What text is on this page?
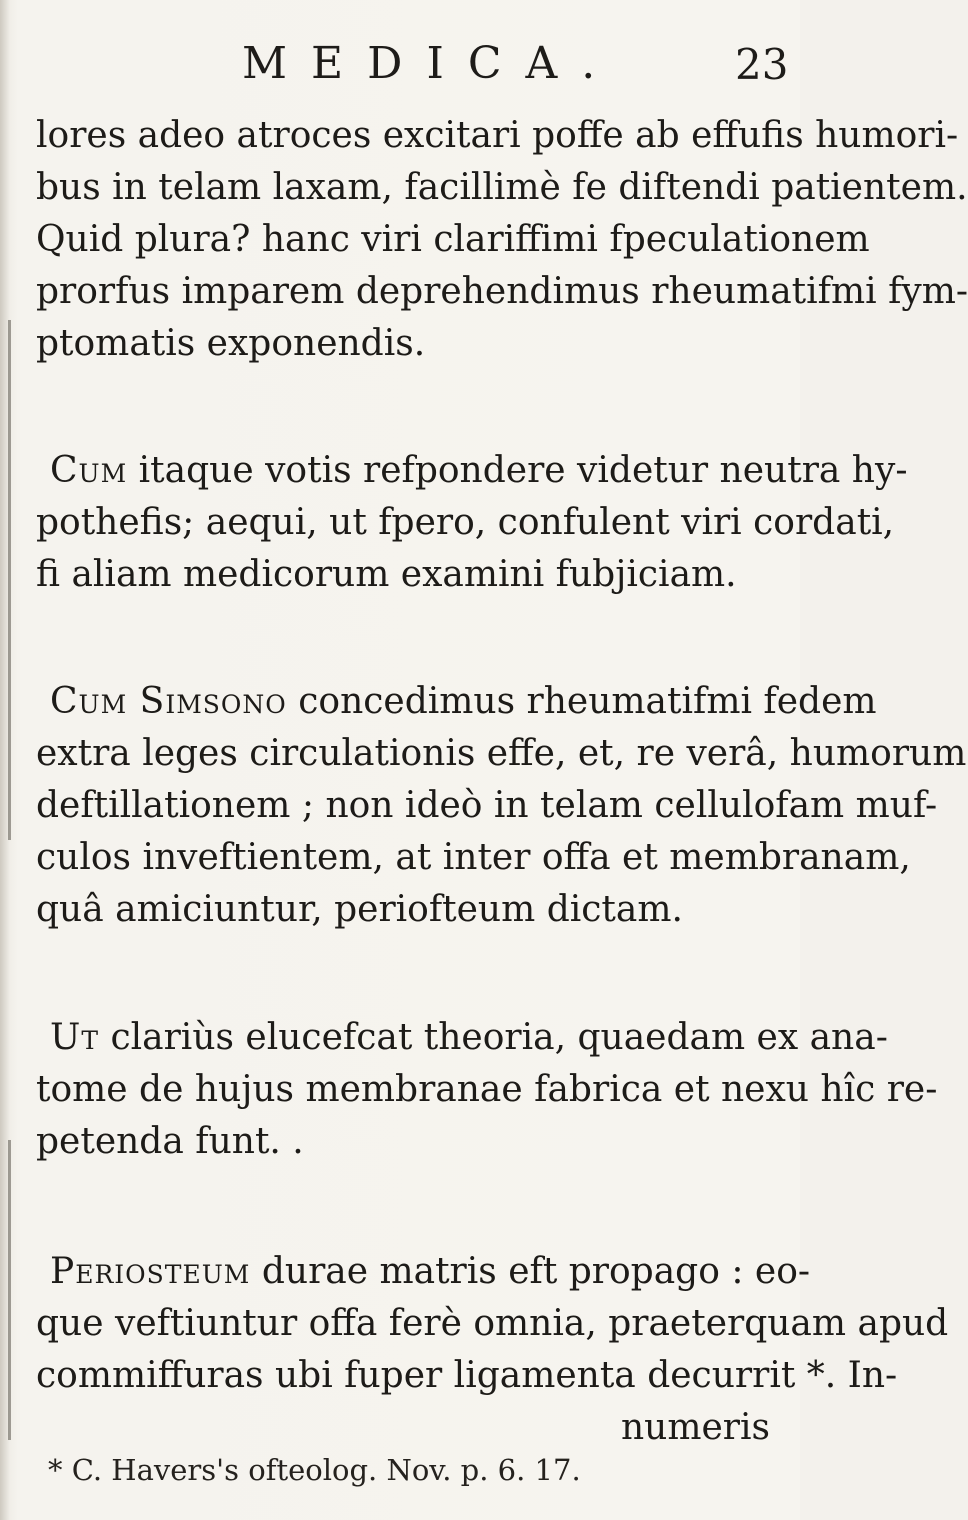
MEDICA.	23
lores adeo atroces excitari poffe ab effufis humori-
bus in telam laxam, facillimè fe diftendi patientem.
Quid plura? hanc viri clariffimi fpeculationem
prorfus imparem deprehendimus rheumatifmi fym-
ptomatis exponendis.
Cum itaque votis refpondere videtur neutra hy-
pothefis; aequi, ut fpero, confulent viri cordati,
fi aliam medicorum examini fubjiciam.
Cum Simsono concedimus rheumatifmi fedem
extra leges circulationis effe, et, re verâ, humorum
deftillationem ; non ideò in telam cellulofam muf-
culos inveftientem, at inter offa et membranam,
quâ amiciuntur, periofteum dictam.
Ut clariùs elucefcat theoria, quaedam ex ana-
tome de hujus membranae fabrica et nexu hîc re-
petenda funt. .
Periosteum durae matris eft propago : eo-
que veftiuntur offa ferè omnia, praeterquam apud
commiffuras ubi fuper ligamenta decurrit *. In-
numeris
* C. Havers's ofteolog. Nov. p. 6. 17.
